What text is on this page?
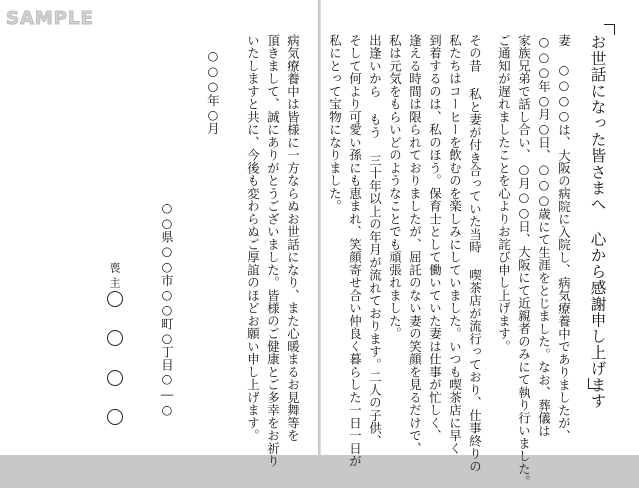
SAMPLE
お世話になった皆さまへ 心から感謝申し上げます
妻 ○○○○は、大阪の病院に入院し、病気療養中でありましたが、
○○○年○月○日、○○○歳にて生涯をとじました。なお、葬儀は
家族兄弟で話し合い、○月○○日、大阪にて近親者のみにて執り行いました。
ご通知が遅れましたことを心よりお詫び申し上げます。
その昔 私と妻が付き合っていた当時 喫茶店が流行っており、仕事終りの
私たちはコーヒーを飲むのを楽しみにしていました。いつも喫茶店に早く
到着するのは、私のほう。保育士として働いていた妻は仕事が忙しく、
逢える時間は限られておりましたが、屈託のない妻の笑顔を見るだけで、
私は元気をもらいどのようなことでも頑張れました。
出逢いから もう 三十年以上の年月が流れております。二人の子供、
そして何より可愛い孫にも恵まれ、笑顔寄せ合い仲良く暮らした一日一日が
私にとって宝物になりました。
病気療養中は皆様に一方ならぬお世話になり、また心暖まるお見舞等を
頂きまして、誠にありがとうございました。皆様のご健康とご多幸をお祈り
いたしますと共に、今後も変わらぬご厚誼のほどお願い申し上げます。
○○○年○月
○○県○○市○○町○丁目○―○
喪主
